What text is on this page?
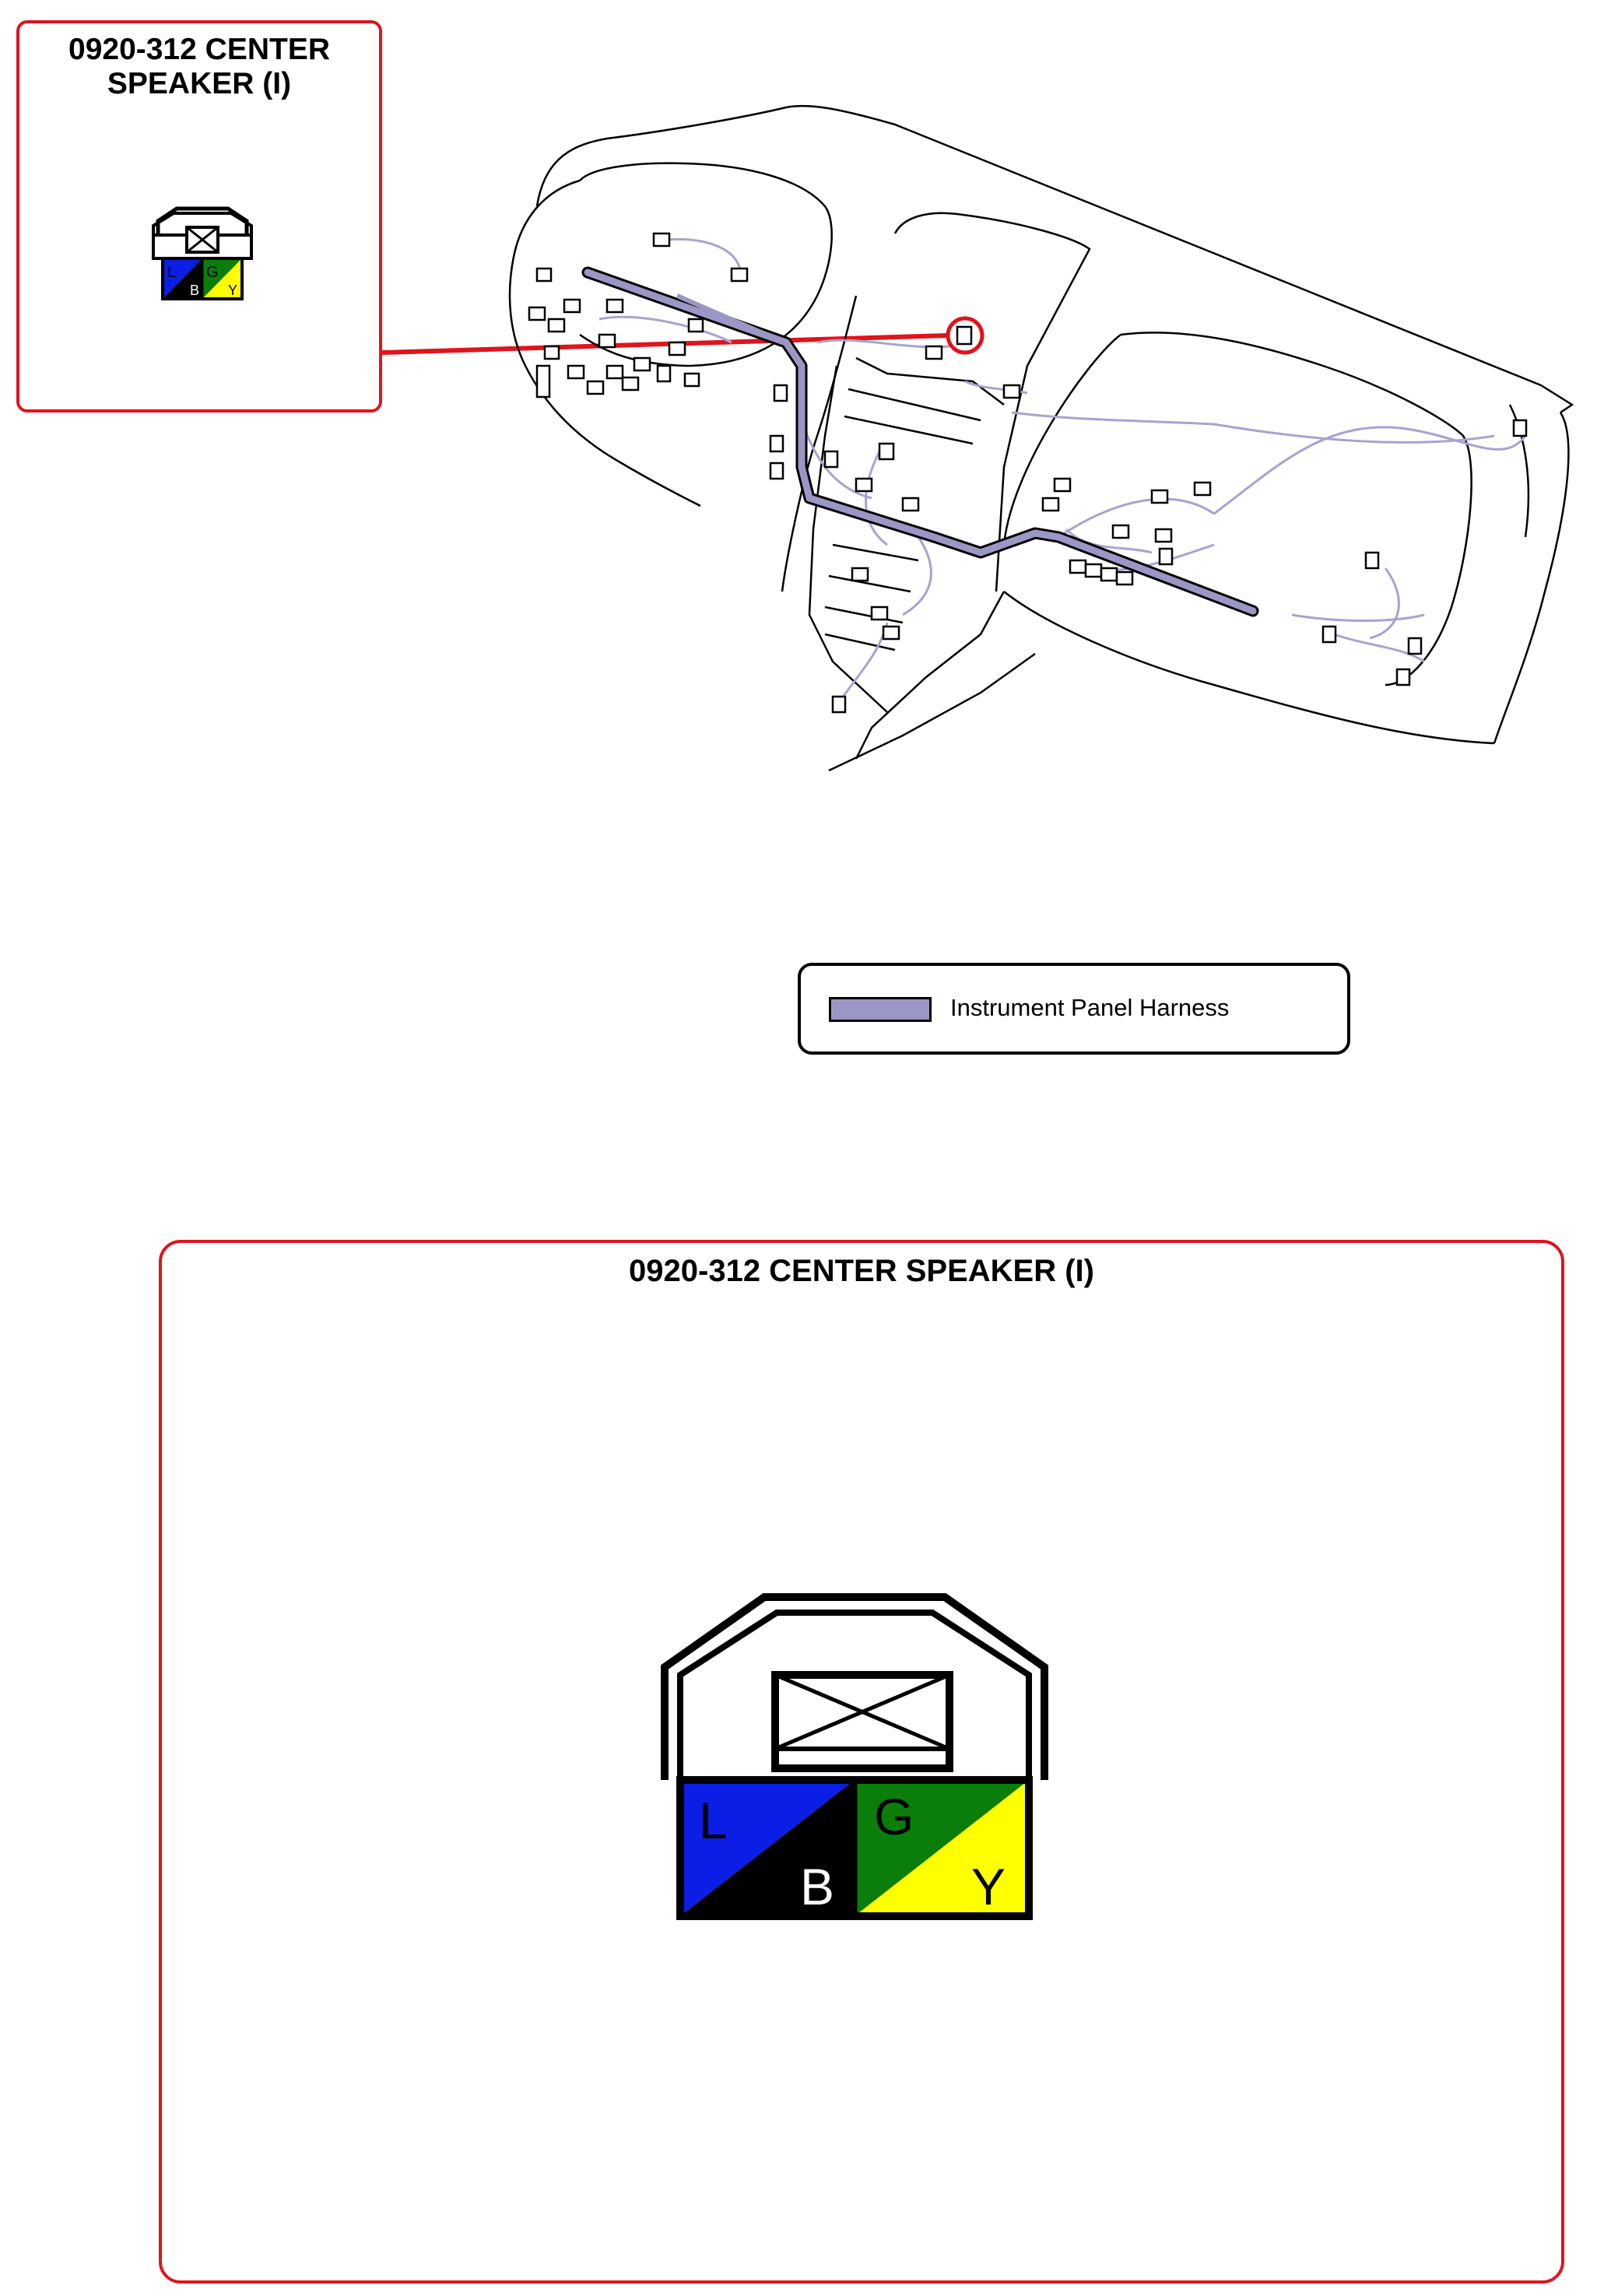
0920-312 CENTER
SPEAKER (I)
L
B
G
Y
Instrument Panel Harness
0920-312 CENTER SPEAKER (I)
L
B
G
Y
